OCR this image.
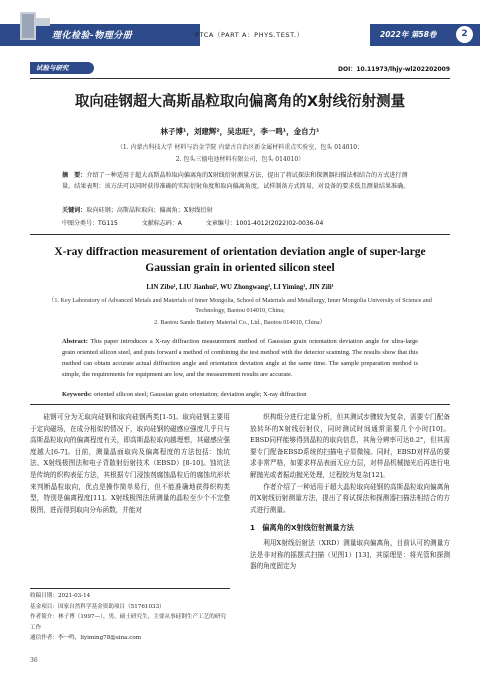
理化检验-物理分册	PTCA（PART A：PHYS.TEST.）	2022年 第58卷	2
试验与研究	DOI：10.11973/lhjy-wl202202009
取向硅钢超大高斯晶粒取向偏离角的X射线衍射测量
林子博¹，刘建辉²，吴忠旺²，李一鸣¹，金自力¹
（1. 内蒙古科技大学 材料与冶金学院 内蒙古自治区新金属材料重点实验室，包头 014010；
2. 包头三德电池材料有限公司，包头 014010）
摘　要：介绍了一种适用于超大高斯晶粒取向偏离角的X射线衍射测量方法，提出了将试探法和探测器扫描法相结合的方式进行测量。结果表明：该方法可以同时获得准确的实际衍射角度和取向偏离角度，试样制备方式简易，对设备的要求低且测量结果准确。
关键词：取向硅钢；高斯晶粒取向；偏离角；X射线衍射
中图分类号：TG115	文献标志码：A	文章编号：1001-4012(2022)02-0036-04
X-ray diffraction measurement of orientation deviation angle of super-large Gaussian grain in oriented silicon steel
LIN Zibo¹, LIU Jianhui², WU Zhongwang², LI Yiming¹, JIN Zili¹
（1. Key Laboratory of Advanced Metals and Materials of Inner Mongolia, School of Materials and Metallurgy, Inner Mongolia University of Science and Technology, Baotou 014010, China;
2. Baotou Sande Battery Material Co., Ltd., Baotou 014010, China）
Abstract: This paper introduces a X-ray diffraction measurement method of Gaussian grain orientation deviation angle for ultra-large grain oriented silicon steel, and puts forward a method of combining the test method with the detector scanning. The results show that this method can obtain accurate actual diffraction angle and orientation deviation angle at the same time. The sample preparation method is simple, the requirements for equipment are low, and the measurement results are accurate.
Keywords: oriented silicon steel; Gaussian grain orientation; deviation angle; X-ray diffraction

硅钢可分为无取向硅钢和取向硅钢两类[1-5]。取向硅钢主要用于定向磁场，在成分相似的情况下，取向硅钢的磁感应强度几乎只与高斯晶粒取向的偏离程度有关，即高斯晶粒取向越理想，其磁感应强度越大[6-7]。目前，测量晶面取向及偏离程度的方法包括：蚀坑法、X射线极图法和电子背散射衍射技术（EBSD）[8-10]。蚀坑法是传统的织构表征方法，其根据专门浸蚀剂腐蚀晶粒后的腐蚀坑形状来判断晶粒取向，优点是操作简单易行，但不能准确地获得织构类型，特别是偏离程度[11]。X射线极图法所测量的晶粒至少个不完整极图，进而得到取向分布函数，并能对

织构组分进行定量分析，但其测试步骤较为复杂，需要专门配备放转环的X射线衍射仪，同时测试时间通常需要几个小时[10]。EBSD同样能够得到晶粒的取向信息，其角分辨率可达0.2°，但其需要专门配备EBSD系统的扫描电子显微镜。同时，EBSD对样品的要求非常严格，如要求样品表面无应力层，对样品机械抛光后再进行电解抛光或者振动抛光处理，过程较为复杂[12]。

作者介绍了一种适用于超大晶粒取向硅钢的高斯晶粒取向偏离角的X射线衍射测量方法，提出了将试探法和探测器扫描法相结合的方式进行测量。

1　偏离角的X射线衍射测量方法

利用X射线衍射法（XRD）测量取向偏离角，目前认可的测量方法是非对称的摇摆式扫描（见图1）[13]，其原理是：将光管和探测器的角度固定为

收稿日期：2021-03-14
基金项目：国家自然科学基金资助项目（51761033）
作者简介：林子博（1997—），男，硕士研究生，主要从事硅钢生产工艺的研究工作
通信作者：李一鸣，liyiming78@sina.com
36
